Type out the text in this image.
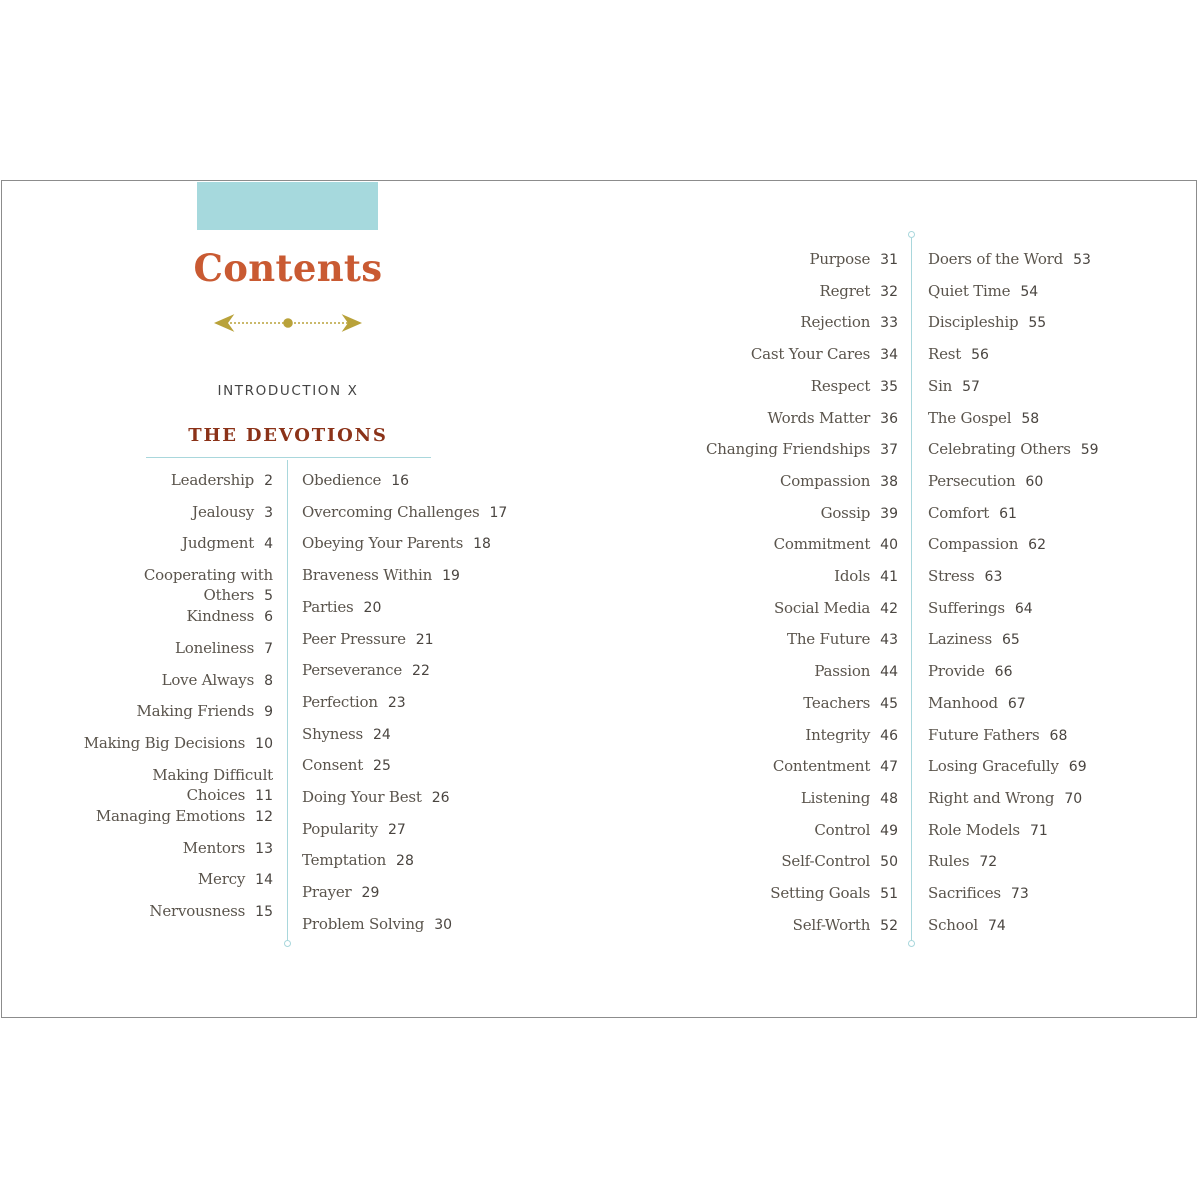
Contents
INTRODUCTION X
THE DEVOTIONS
Leadership 2
Jealousy 3
Judgment 4
Cooperating with
Others 5
Kindness 6
Loneliness 7
Love Always 8
Making Friends 9
Making Big Decisions 10
Making Difficult
Choices 11
Managing Emotions 12
Mentors 13
Mercy 14
Nervousness 15
Obedience 16
Overcoming Challenges 17
Obeying Your Parents 18
Braveness Within 19
Parties 20
Peer Pressure 21
Perseverance 22
Perfection 23
Shyness 24
Consent 25
Doing Your Best 26
Popularity 27
Temptation 28
Prayer 29
Problem Solving 30
Purpose 31
Regret 32
Rejection 33
Cast Your Cares 34
Respect 35
Words Matter 36
Changing Friendships 37
Compassion 38
Gossip 39
Commitment 40
Idols 41
Social Media 42
The Future 43
Passion 44
Teachers 45
Integrity 46
Contentment 47
Listening 48
Control 49
Self-Control 50
Setting Goals 51
Self-Worth 52
Doers of the Word 53
Quiet Time 54
Discipleship 55
Rest 56
Sin 57
The Gospel 58
Celebrating Others 59
Persecution 60
Comfort 61
Compassion 62
Stress 63
Sufferings 64
Laziness 65
Provide 66
Manhood 67
Future Fathers 68
Losing Gracefully 69
Right and Wrong 70
Role Models 71
Rules 72
Sacrifices 73
School 74
